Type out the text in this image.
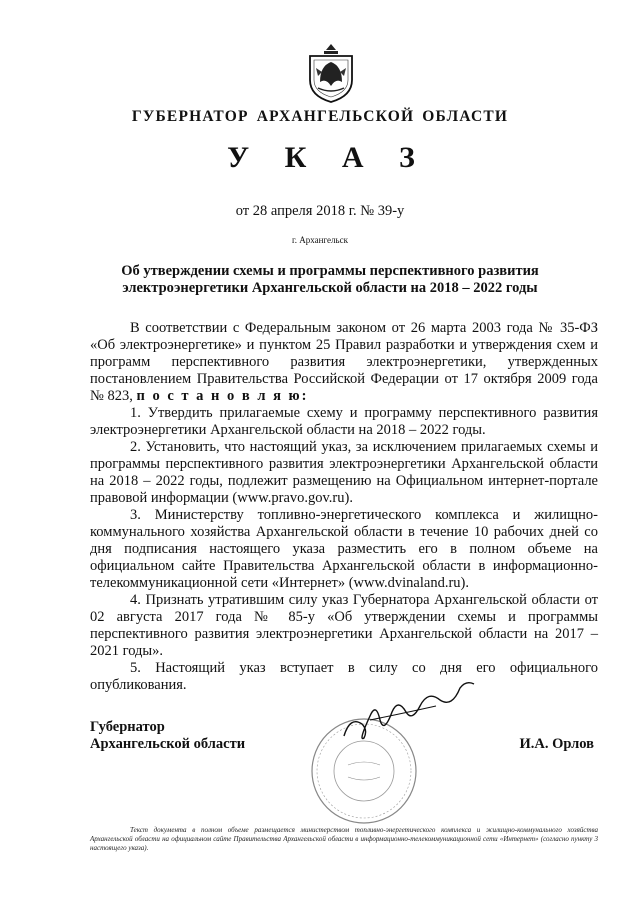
ГУБЕРНАТОР АРХАНГЕЛЬСКОЙ ОБЛАСТИ
У К А З
от 28 апреля 2018 г. № 39-у
г. Архангельск
Об утверждении схемы и программы перспективного развития электроэнергетики Архангельской области на 2018 – 2022 годы

В соответствии с Федеральным законом от 26 марта 2003 года № 35-ФЗ «Об электроэнергетике» и пунктом 25 Правил разработки и утверждения схем и программ перспективного развития электроэнергетики, утвержденных постановлением Правительства Российской Федерации от 17 октября 2009 года № 823, п о с т а н о в л я ю:

1. Утвердить прилагаемые схему и программу перспективного развития электроэнергетики Архангельской области на 2018 – 2022 годы.

2. Установить, что настоящий указ, за исключением прилагаемых схемы и программы перспективного развития электроэнергетики Архангельской области на 2018 – 2022 годы, подлежит размещению на Официальном интернет-портале правовой информации (www.pravo.gov.ru).

3. Министерству топливно-энергетического комплекса и жилищно-коммунального хозяйства Архангельской области в течение 10 рабочих дней со дня подписания настоящего указа разместить его в полном объеме на официальном сайте Правительства Архангельской области в информационно-телекоммуникационной сети «Интернет» (www.dvinaland.ru).

4. Признать утратившим силу указ Губернатора Архангельской области от 02 августа 2017 года № 85-у «Об утверждении схемы и программы перспективного развития электроэнергетики Архангельской области на 2017 – 2021 годы».

5. Настоящий указ вступает в силу со дня его официального опубликования.

Губернатор
Архангельской области	И.А. Орлов
Текст документа в полном объеме размещается министерством топливно-энергетического комплекса и жилищно-коммунального хозяйства Архангельской области на официальном сайте Правительства Архангельской области в информационно-телекоммуникационной сети «Интернет» (согласно пункту 3 настоящего указа).
